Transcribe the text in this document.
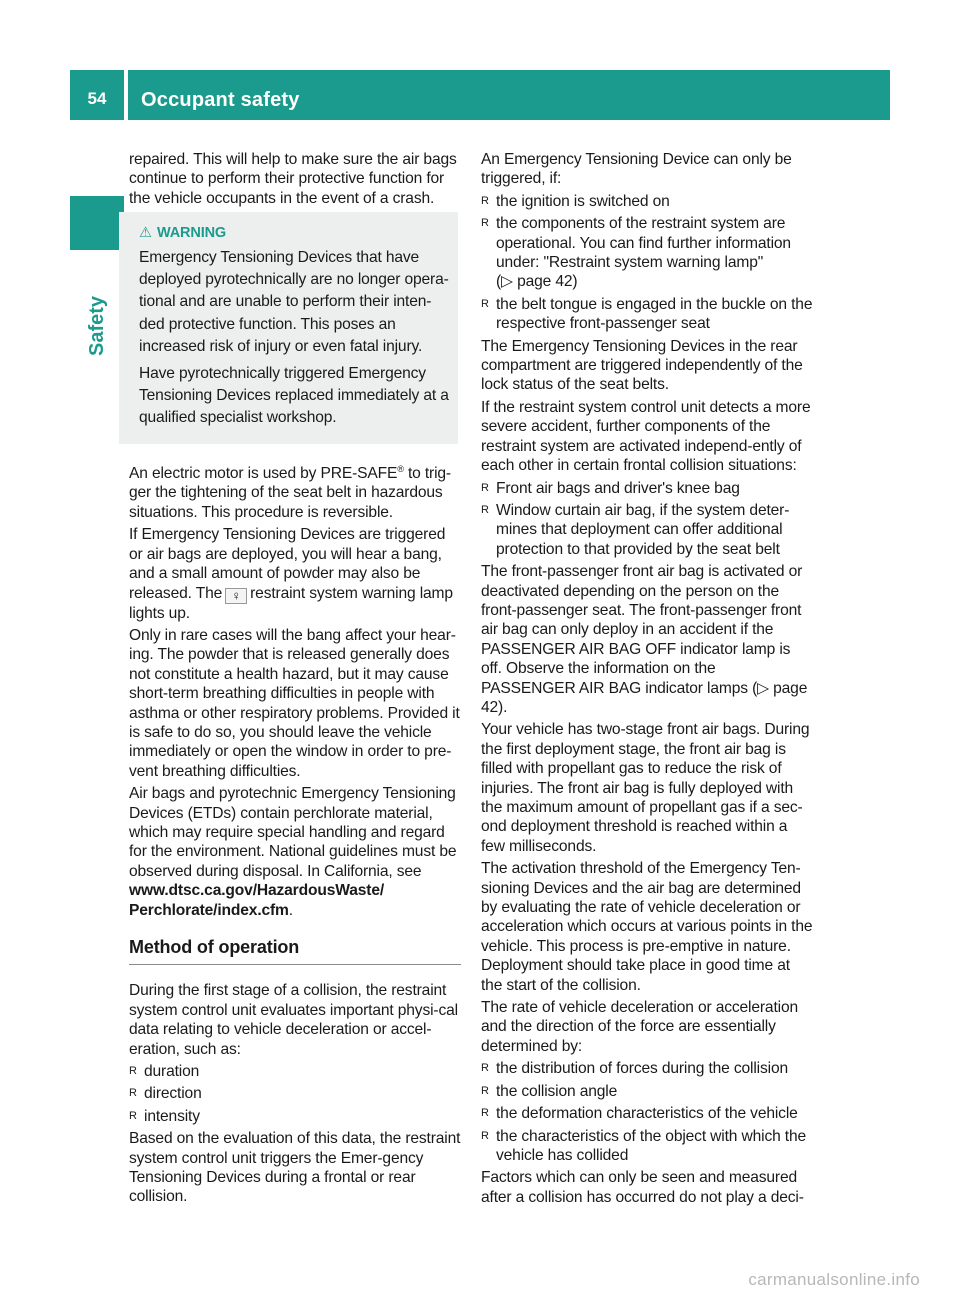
54	Occupant safety
Safety

repaired. This will help to make sure the air bags continue to perform their protective function for the vehicle occupants in the event of a crash.

⚠ WARNING

Emergency Tensioning Devices that have deployed pyrotechnically are no longer opera-tional and are unable to perform their inten-ded protective function. This poses an increased risk of injury or even fatal injury.

Have pyrotechnically triggered Emergency Tensioning Devices replaced immediately at a qualified specialist workshop.

An electric motor is used by PRE-SAFE® to trig-ger the tightening of the seat belt in hazardous situations. This procedure is reversible.

If Emergency Tensioning Devices are triggered or air bags are deployed, you will hear a bang, and a small amount of powder may also be released. The ♀ restraint system warning lamp lights up.

Only in rare cases will the bang affect your hear-ing. The powder that is released generally does not constitute a health hazard, but it may cause short-term breathing difficulties in people with asthma or other respiratory problems. Provided it is safe to do so, you should leave the vehicle immediately or open the window in order to pre-vent breathing difficulties.

Air bags and pyrotechnic Emergency Tensioning Devices (ETDs) contain perchlorate material, which may require special handling and regard for the environment. National guidelines must be observed during disposal. In California, see www.dtsc.ca.gov/HazardousWaste/ Perchlorate/index.cfm.

Method of operation

During the first stage of a collision, the restraint system control unit evaluates important physi-cal data relating to vehicle deceleration or accel-eration, such as:

R duration
R direction
R intensity

Based on the evaluation of this data, the restraint system control unit triggers the Emer-gency Tensioning Devices during a frontal or rear collision.

An Emergency Tensioning Device can only be triggered, if:

R the ignition is switched on
R the components of the restraint system are operational. You can find further information under: "Restraint system warning lamp"
(▷ page 42)
R the belt tongue is engaged in the buckle on the respective front-passenger seat

The Emergency Tensioning Devices in the rear compartment are triggered independently of the lock status of the seat belts.

If the restraint system control unit detects a more severe accident, further components of the restraint system are activated independ-ently of each other in certain frontal collision situations:

R Front air bags and driver's knee bag
R Window curtain air bag, if the system deter-mines that deployment can offer additional protection to that provided by the seat belt

The front-passenger front air bag is activated or deactivated depending on the person on the front-passenger seat. The front-passenger front air bag can only deploy in an accident if the PASSENGER AIR BAG OFF indicator lamp is off. Observe the information on the PASSENGER AIR BAG indicator lamps (▷ page 42).

Your vehicle has two-stage front air bags. During the first deployment stage, the front air bag is filled with propellant gas to reduce the risk of injuries. The front air bag is fully deployed with the maximum amount of propellant gas if a sec-ond deployment threshold is reached within a few milliseconds.

The activation threshold of the Emergency Ten-sioning Devices and the air bag are determined by evaluating the rate of vehicle deceleration or acceleration which occurs at various points in the vehicle. This process is pre-emptive in nature. Deployment should take place in good time at the start of the collision.

The rate of vehicle deceleration or acceleration and the direction of the force are essentially determined by:

R the distribution of forces during the collision
R the collision angle
R the deformation characteristics of the vehicle
R the characteristics of the object with which the vehicle has collided

Factors which can only be seen and measured after a collision has occurred do not play a deci-

carmanualsonline.info
